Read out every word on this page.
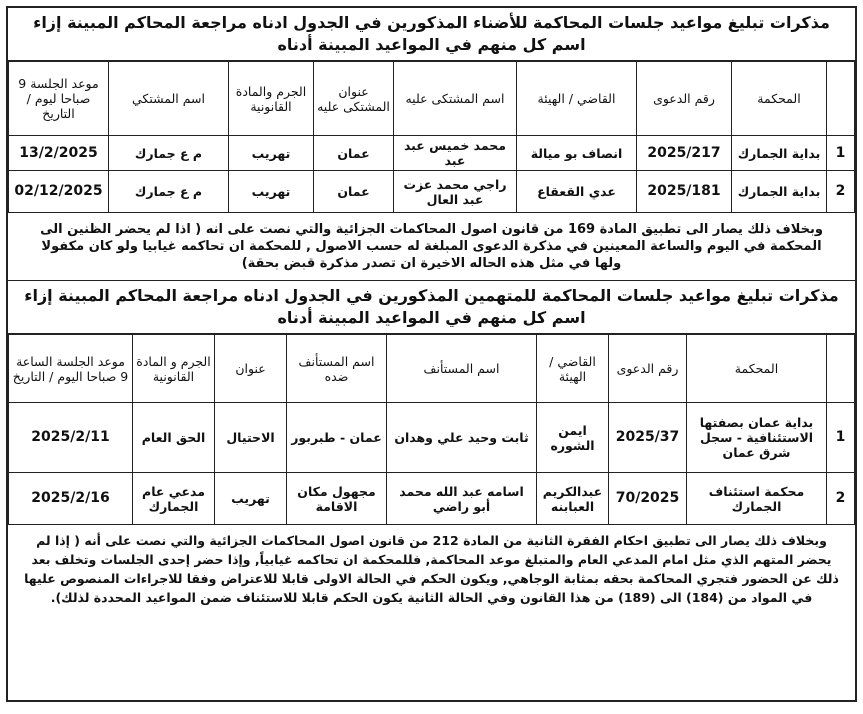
مذكرات تبليغ مواعيد جلسات المحاكمة للأضناء المذكورين في الجدول ادناه مراجعة المحاكم المبينة إزاء اسم كل منهم في المواعيد المبينة أدناه
	المحكمة	رقم الدعوى	القاضي / الهيئة	اسم المشتكى عليه	عنوان المشتكى عليه	الجرم والمادة القانونية	اسم المشتكي	موعد الجلسة 9 صباحا ليوم / التاريخ
1	بداية الجمارك	2025/217	انصاف بو ميالة	محمد خميس عبد عبد	عمان	تهريب	م ع جمارك	13/2/2025
2	بداية الجمارك	2025/181	عدي القعقاع	راجي محمد عزت عبد العال	عمان	تهريب	م ع جمارك	02/12/2025
وبخلاف ذلك يصار الى تطبيق المادة 169 من قانون اصول المحاكمات الجزائية والتي نصت على انه ( اذا لم يحضر الظنين الى المحكمة في اليوم والساعة المعينين في مذكرة الدعوى المبلغة له حسب الاصول , للمحكمة ان تحاكمه غيابيا ولو كان مكفولا ولها في مثل هذه الحاله الاخيرة ان تصدر مذكرة قبض بحقة)
مذكرات تبليغ مواعيد جلسات المحاكمة للمتهمين المذكورين في الجدول ادناه مراجعة المحاكم المبينة إزاء اسم كل منهم في المواعيد المبينة أدناه
	المحكمة	رقم الدعوى	القاضي / الهيئة	اسم المستأنف	اسم المستأنف ضده	عنوان	الجرم و المادة القانونية	موعد الجلسة الساعة 9 صباحا اليوم / التاريخ
1	بداية عمان بصفتها الاستئنافية - سجل شرق عمان	2025/37	ايمن الشوره	ثابت وحيد علي وهدان	عمان - طبربور	الاحتيال	الحق العام	2025/2/11
2	محكمة استئناف الجمارك	70/2025	عبدالكريم العبابنه	اسامه عبد الله محمد أبو راضي	مجهول مكان الاقامة	تهريب	مدعي عام الجمارك	2025/2/16
وبخلاف ذلك يصار الى تطبيق احكام الفقرة الثانية من المادة 212 من قانون اصول المحاكمات الجزائية والتي نصت على أنه ( إذا لم يحضر المتهم الذي مثل امام المدعي العام والمتبلغ موعد المحاكمة, فللمحكمة ان تحاكمه غيابياً, وإذا حضر إحدى الجلسات وتخلف بعد ذلك عن الحضور فتجري المحاكمة بحقه بمثابة الوجاهي, ويكون الحكم في الحالة الاولى قابلا للاعتراض وفقا للاجراءات المنصوص عليها في المواد من (184) الى (189) من هذا القانون وفي الحالة الثانية يكون الحكم قابلا للاستئناف ضمن المواعيد المحددة لذلك).
